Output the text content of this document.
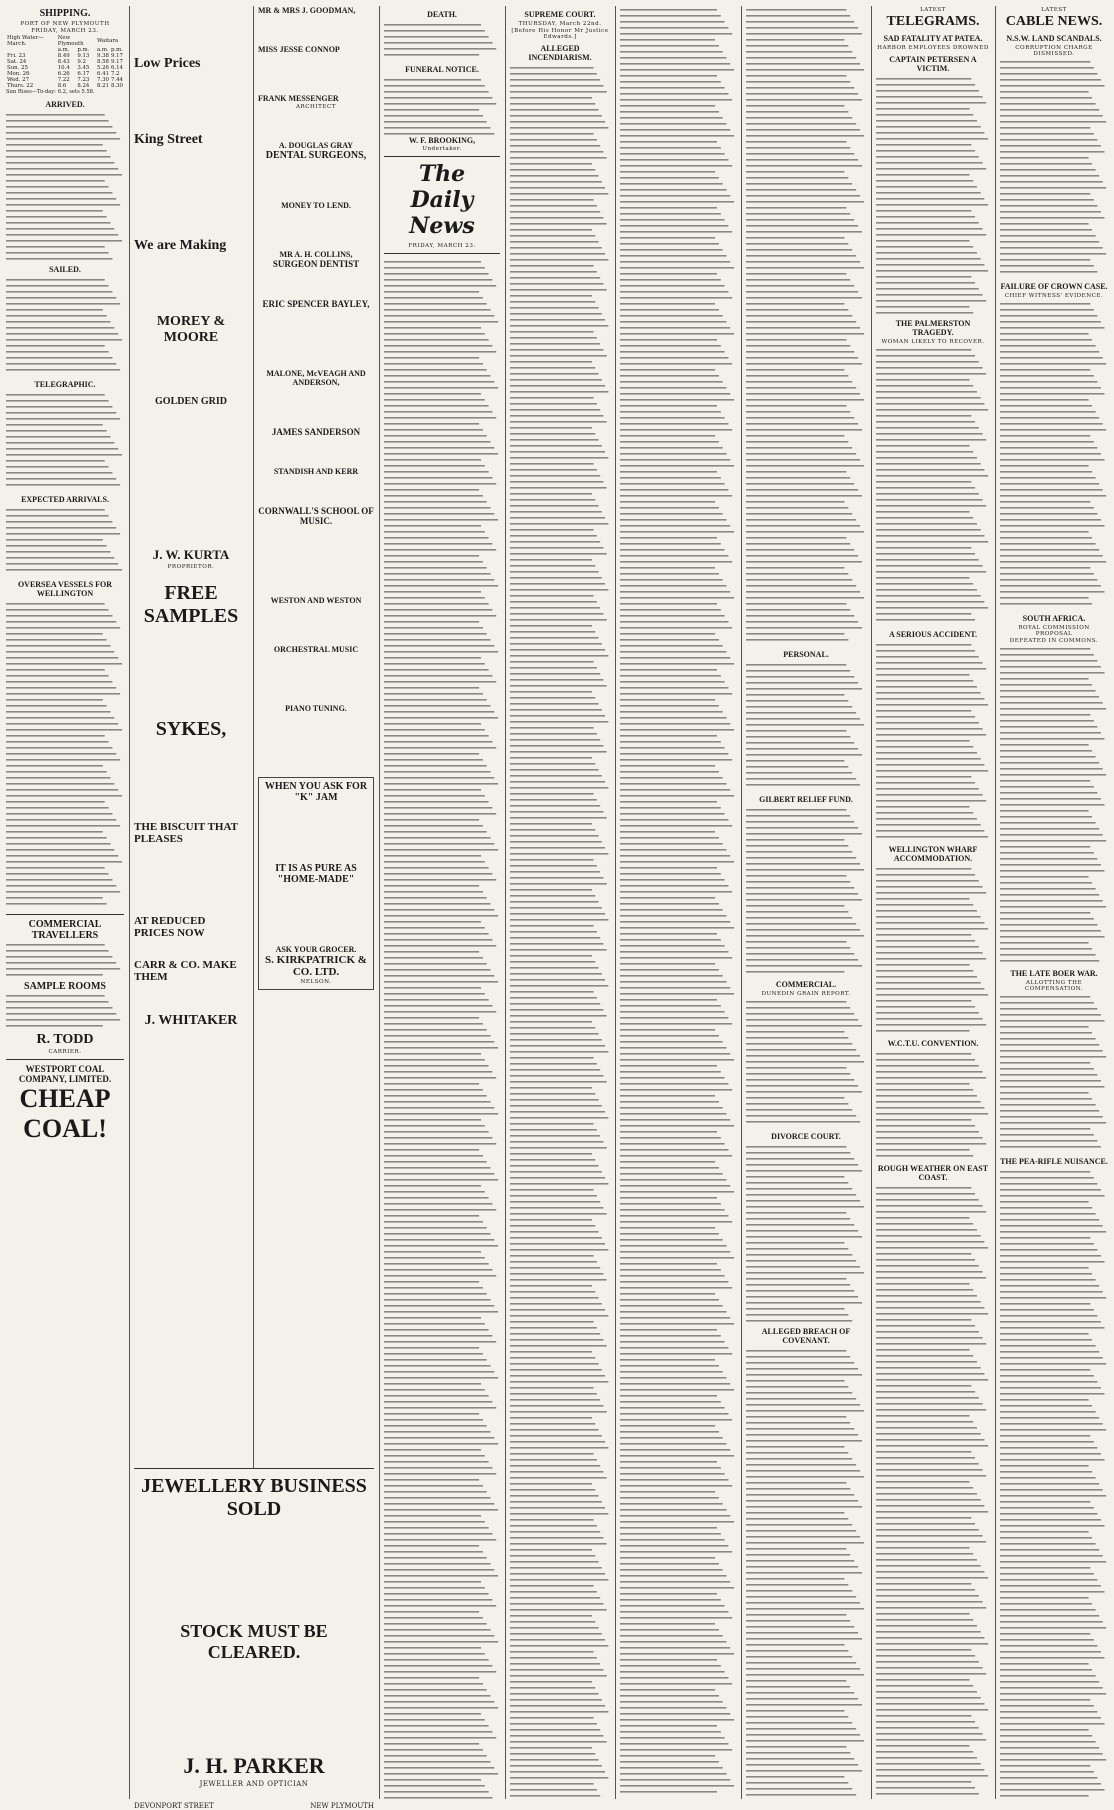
SHIPPING.
PORT OF NEW PLYMOUTH
FRIDAY, MARCH 23.
High Water—March.	New Plymouth		Waitara	
	a.m.	p.m.	a.m.	p.m.
Fri. 23	8.49	9.13	9.38	9.17
Sat. 24	8.43	9.2	8.58	9.17
Sun. 25	10.4	3.45	5.26	6.14
Mon. 26	6.26	6.17	6.41	7.2
Wed. 27	7.22	7.23	7.30	7.44
Thurs. 22	8.6	8.24	8.21	8.30
Sun Rises—To-day: 6.2, sets 5.58.
ARRIVED.
SAILED.
TELEGRAPHIC.
EXPECTED ARRIVALS.
OVERSEA VESSELS FOR WELLINGTON
COMMERCIAL TRAVELLERS
SAMPLE ROOMS
R. TODD
CARRIER.
WESTPORT COAL COMPANY, LIMITED.
CHEAP
COAL!
Low Prices
King Street
We are Making
MOREY & MOORE
GOLDEN GRID
J. W. KURTA
PROPRIETOR.
FREE
SAMPLES
SYKES,
THE BISCUIT THAT PLEASES
AT REDUCED PRICES NOW
CARR & CO. MAKE THEM
J. WHITAKER
MR & MRS J. GOODMAN,
MISS JESSE CONNOP
FRANK MESSENGER
ARCHITECT
A. DOUGLAS GRAY
DENTAL SURGEONS,
MONEY TO LEND.
MR A. H. COLLINS,
SURGEON DENTIST
ERIC SPENCER BAYLEY,
MALONE, McVEAGH AND ANDERSON,
JAMES SANDERSON
STANDISH AND KERR
CORNWALL'S SCHOOL OF MUSIC.
WESTON AND WESTON
ORCHESTRAL MUSIC
PIANO TUNING.
WHEN YOU ASK FOR "K" JAM
IT IS AS PURE AS "HOME-MADE"
ASK YOUR GROCER.
S. KIRKPATRICK & CO. LTD.
NELSON.
DEATH.
FUNERAL NOTICE.
W. F. BROOKING,
Undertaker.
The Daily News
FRIDAY, MARCH 23.
SUPREME COURT.
THURSDAY, March 22nd.
[Before His Honor Mr Justice Edwards.]
ALLEGED INCENDIARISM.
PERSONAL.
GILBERT RELIEF FUND.
COMMERCIAL.
DUNEDIN GRAIN REPORT.
DIVORCE COURT.
ALLEGED BREACH OF COVENANT.
LATEST
TELEGRAMS.
SAD FATALITY AT PATEA.
HARBOR EMPLOYEES DROWNED
CAPTAIN PETERSEN A VICTIM.
THE PALMERSTON TRAGEDY.
WOMAN LIKELY TO RECOVER.
A SERIOUS ACCIDENT.
WELLINGTON WHARF ACCOMMODATION.
W.C.T.U. CONVENTION.
ROUGH WEATHER ON EAST COAST.
LATEST
CABLE NEWS.
N.S.W. LAND SCANDALS.
CORRUPTION CHARGE DISMISSED.
FAILURE OF CROWN CASE.
CHIEF WITNESS' EVIDENCE.
SOUTH AFRICA.
ROYAL COMMISSION PROPOSAL
DEFEATED IN COMMONS.
THE LATE BOER WAR.
ALLOTTING THE COMPENSATION.
THE PEA-RIFLE NUISANCE.
JEWELLERY BUSINESS SOLD
STOCK MUST BE CLEARED.
J. H. PARKER
JEWELLER AND OPTICIAN
DEVONPORT STREET	NEW PLYMOUTH
